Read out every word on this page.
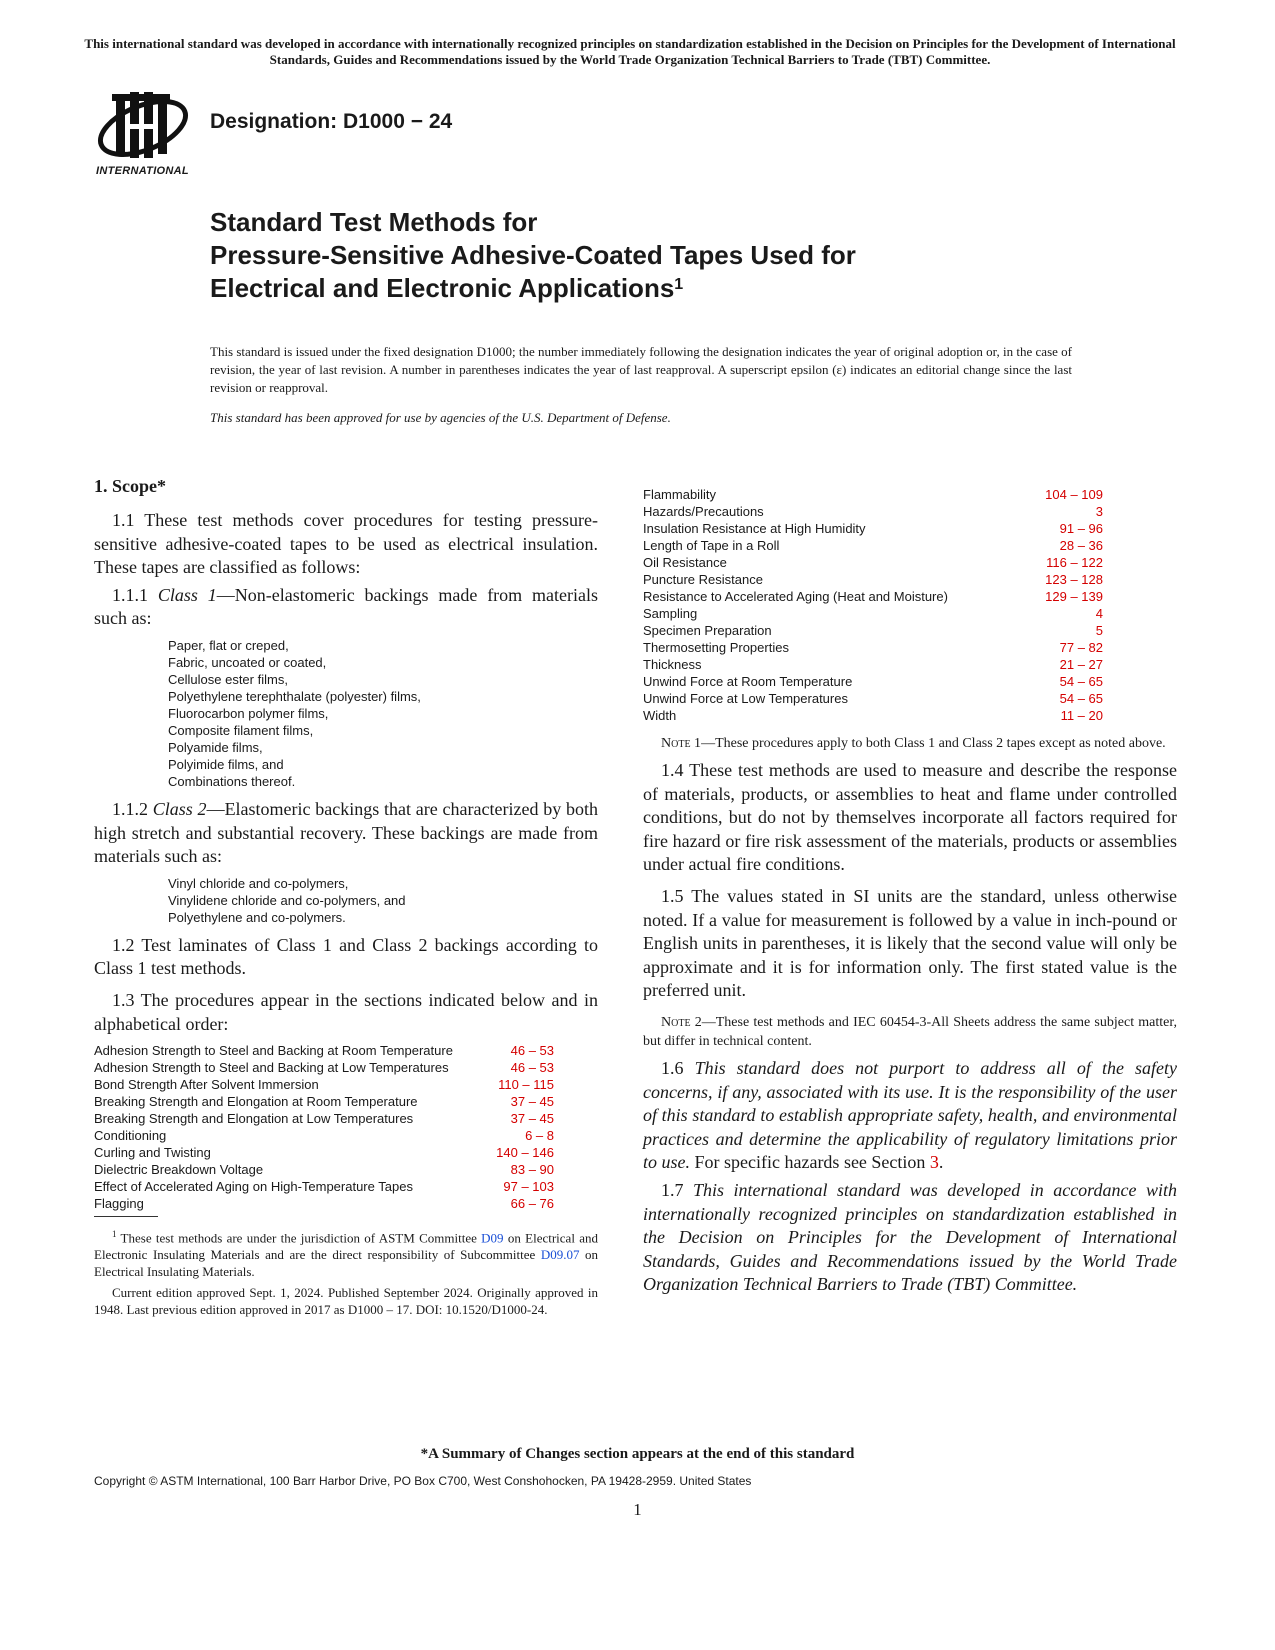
This international standard was developed in accordance with internationally recognized principles on standardization established in the Decision on Principles for the Development of International Standards, Guides and Recommendations issued by the World Trade Organization Technical Barriers to Trade (TBT) Committee.
INTERNATIONAL
Designation: D1000 − 24
Standard Test Methods for
Pressure-Sensitive Adhesive-Coated Tapes Used for
Electrical and Electronic Applications$^1$
This standard is issued under the fixed designation D1000; the number immediately following the designation indicates the year of original adoption or, in the case of revision, the year of last revision. A number in parentheses indicates the year of last reapproval. A superscript epsilon (ε) indicates an editorial change since the last revision or reapproval.
This standard has been approved for use by agencies of the U.S. Department of Defense.
1. Scope*

1.1 These test methods cover procedures for testing pressure-sensitive adhesive-coated tapes to be used as electrical insulation. These tapes are classified as follows:

1.1.1 Class 1—Non-elastomeric backings made from materials such as:

Paper, flat or creped,
Fabric, uncoated or coated,
Cellulose ester films,
Polyethylene terephthalate (polyester) films,
Fluorocarbon polymer films,
Composite filament films,
Polyamide films,
Polyimide films, and
Combinations thereof.

1.1.2 Class 2—Elastomeric backings that are characterized by both high stretch and substantial recovery. These backings are made from materials such as:

Vinyl chloride and co-polymers,
Vinylidene chloride and co-polymers, and
Polyethylene and co-polymers.

1.2 Test laminates of Class 1 and Class 2 backings according to Class 1 test methods.

1.3 The procedures appear in the sections indicated below and in alphabetical order:

Adhesion Strength to Steel and Backing at Room Temperature	46 – 53
Adhesion Strength to Steel and Backing at Low Temperatures	46 – 53
Bond Strength After Solvent Immersion	110 – 115
Breaking Strength and Elongation at Room Temperature	37 – 45
Breaking Strength and Elongation at Low Temperatures	37 – 45
Conditioning	6 – 8
Curling and Twisting	140 – 146
Dielectric Breakdown Voltage	83 – 90
Effect of Accelerated Aging on High-Temperature Tapes	97 – 103
Flagging	66 – 76
Flammability	104 – 109
Hazards/Precautions	3
Insulation Resistance at High Humidity	91 – 96
Length of Tape in a Roll	28 – 36
Oil Resistance	116 – 122
Puncture Resistance	123 – 128
Resistance to Accelerated Aging (Heat and Moisture)	129 – 139
Sampling	4
Specimen Preparation	5
Thermosetting Properties	77 – 82
Thickness	21 – 27
Unwind Force at Room Temperature	54 – 65
Unwind Force at Low Temperatures	54 – 65
Width	11 – 20

Note 1—These procedures apply to both Class 1 and Class 2 tapes except as noted above.

1.4 These test methods are used to measure and describe the response of materials, products, or assemblies to heat and flame under controlled conditions, but do not by themselves incorporate all factors required for fire hazard or fire risk assessment of the materials, products or assemblies under actual fire conditions.

1.5 The values stated in SI units are the standard, unless otherwise noted. If a value for measurement is followed by a value in inch-pound or English units in parentheses, it is likely that the second value will only be approximate and it is for information only. The first stated value is the preferred unit.

Note 2—These test methods and IEC 60454-3-All Sheets address the same subject matter, but differ in technical content.

1.6 This standard does not purport to address all of the safety concerns, if any, associated with its use. It is the responsibility of the user of this standard to establish appropriate safety, health, and environmental practices and determine the applicability of regulatory limitations prior to use. For specific hazards see Section 3.

1.7 This international standard was developed in accordance with internationally recognized principles on standardization established in the Decision on Principles for the Development of International Standards, Guides and Recommendations issued by the World Trade Organization Technical Barriers to Trade (TBT) Committee.

$^1$ These test methods are under the jurisdiction of ASTM Committee D09 on Electrical and Electronic Insulating Materials and are the direct responsibility of Subcommittee D09.07 on Electrical Insulating Materials.

Current edition approved Sept. 1, 2024. Published September 2024. Originally approved in 1948. Last previous edition approved in 2017 as D1000 – 17. DOI: 10.1520/D1000-24.

*A Summary of Changes section appears at the end of this standard
Copyright © ASTM International, 100 Barr Harbor Drive, PO Box C700, West Conshohocken, PA 19428-2959. United States
1
